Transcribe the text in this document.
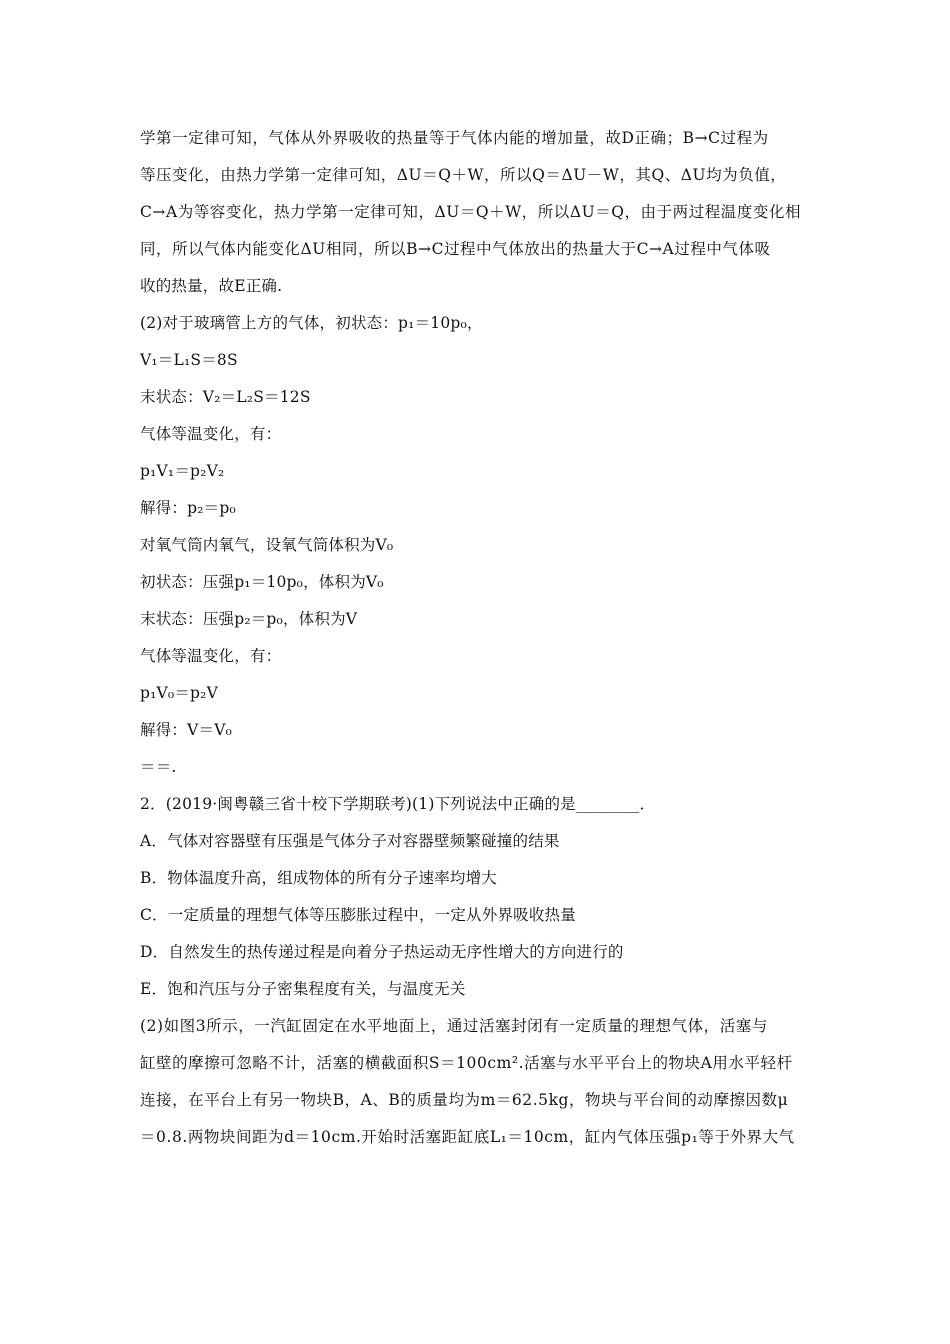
学第一定律可知，气体从外界吸收的热量等于气体内能的增加量，故D正确；B→C过程为
等压变化，由热力学第一定律可知，ΔU＝Q＋W，所以Q＝ΔU－W，其Q、ΔU均为负值，
C→A为等容变化，热力学第一定律可知，ΔU＝Q＋W，所以ΔU＝Q，由于两过程温度变化相
同，所以气体内能变化ΔU相同，所以B→C过程中气体放出的热量大于C→A过程中气体吸
收的热量，故E正确.
(2)对于玻璃管上方的气体，初状态：p₁＝10p₀，
V₁＝L₁S＝8S
末状态：V₂＝L₂S＝12S
气体等温变化，有：
p₁V₁＝p₂V₂
解得：p₂＝p₀
对氧气筒内氧气，设氧气筒体积为V₀
初状态：压强p₁＝10p₀，体积为V₀
末状态：压强p₂＝p₀，体积为V
气体等温变化，有：
p₁V₀＝p₂V
解得：V＝V₀
＝＝.
2．(2019·闽粤赣三省十校下学期联考)(1)下列说法中正确的是________．
A．气体对容器壁有压强是气体分子对容器壁频繁碰撞的结果
B．物体温度升高，组成物体的所有分子速率均增大
C．一定质量的理想气体等压膨胀过程中，一定从外界吸收热量
D．自然发生的热传递过程是向着分子热运动无序性增大的方向进行的
E．饱和汽压与分子密集程度有关，与温度无关
(2)如图3所示，一汽缸固定在水平地面上，通过活塞封闭有一定质量的理想气体，活塞与
缸壁的摩擦可忽略不计，活塞的横截面积S＝100cm².活塞与水平平台上的物块A用水平轻杆
连接，在平台上有另一物块B，A、B的质量均为m＝62.5kg，物块与平台间的动摩擦因数μ
＝0.8.两物块间距为d＝10cm.开始时活塞距缸底L₁＝10cm，缸内气体压强p₁等于外界大气
